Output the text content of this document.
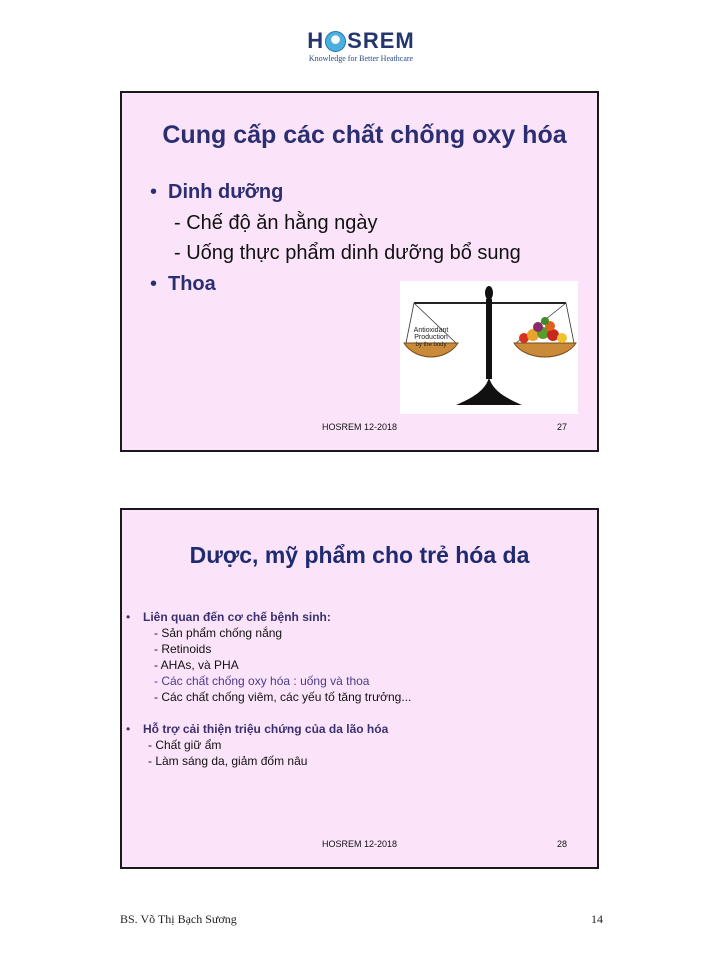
H SREM
Knowledge for Better Heathcare
Cung cấp các chất chống oxy hóa
• Dinh dưỡng
- Chế độ ăn hằng ngày
- Uống thực phẩm dinh dưỡng bổ sung
• Thoa
Antioxidant
Production
by the body
HOSREM 12-2018	27
Dược, mỹ phẩm cho trẻ hóa da
• Liên quan đến cơ chế bệnh sinh:
- Sản phẩm chống nắng
- Retinoids
- AHAs, và PHA
- Các chất chống oxy hóa : uống và thoa
- Các chất chống viêm, các yếu tố tăng trưởng...
• Hỗ trợ cải thiện triệu chứng của da lão hóa
- Chất giữ ẩm
- Làm sáng da, giảm đốm nâu
HOSREM 12-2018	28
BS. Võ Thị Bạch Sương	14
